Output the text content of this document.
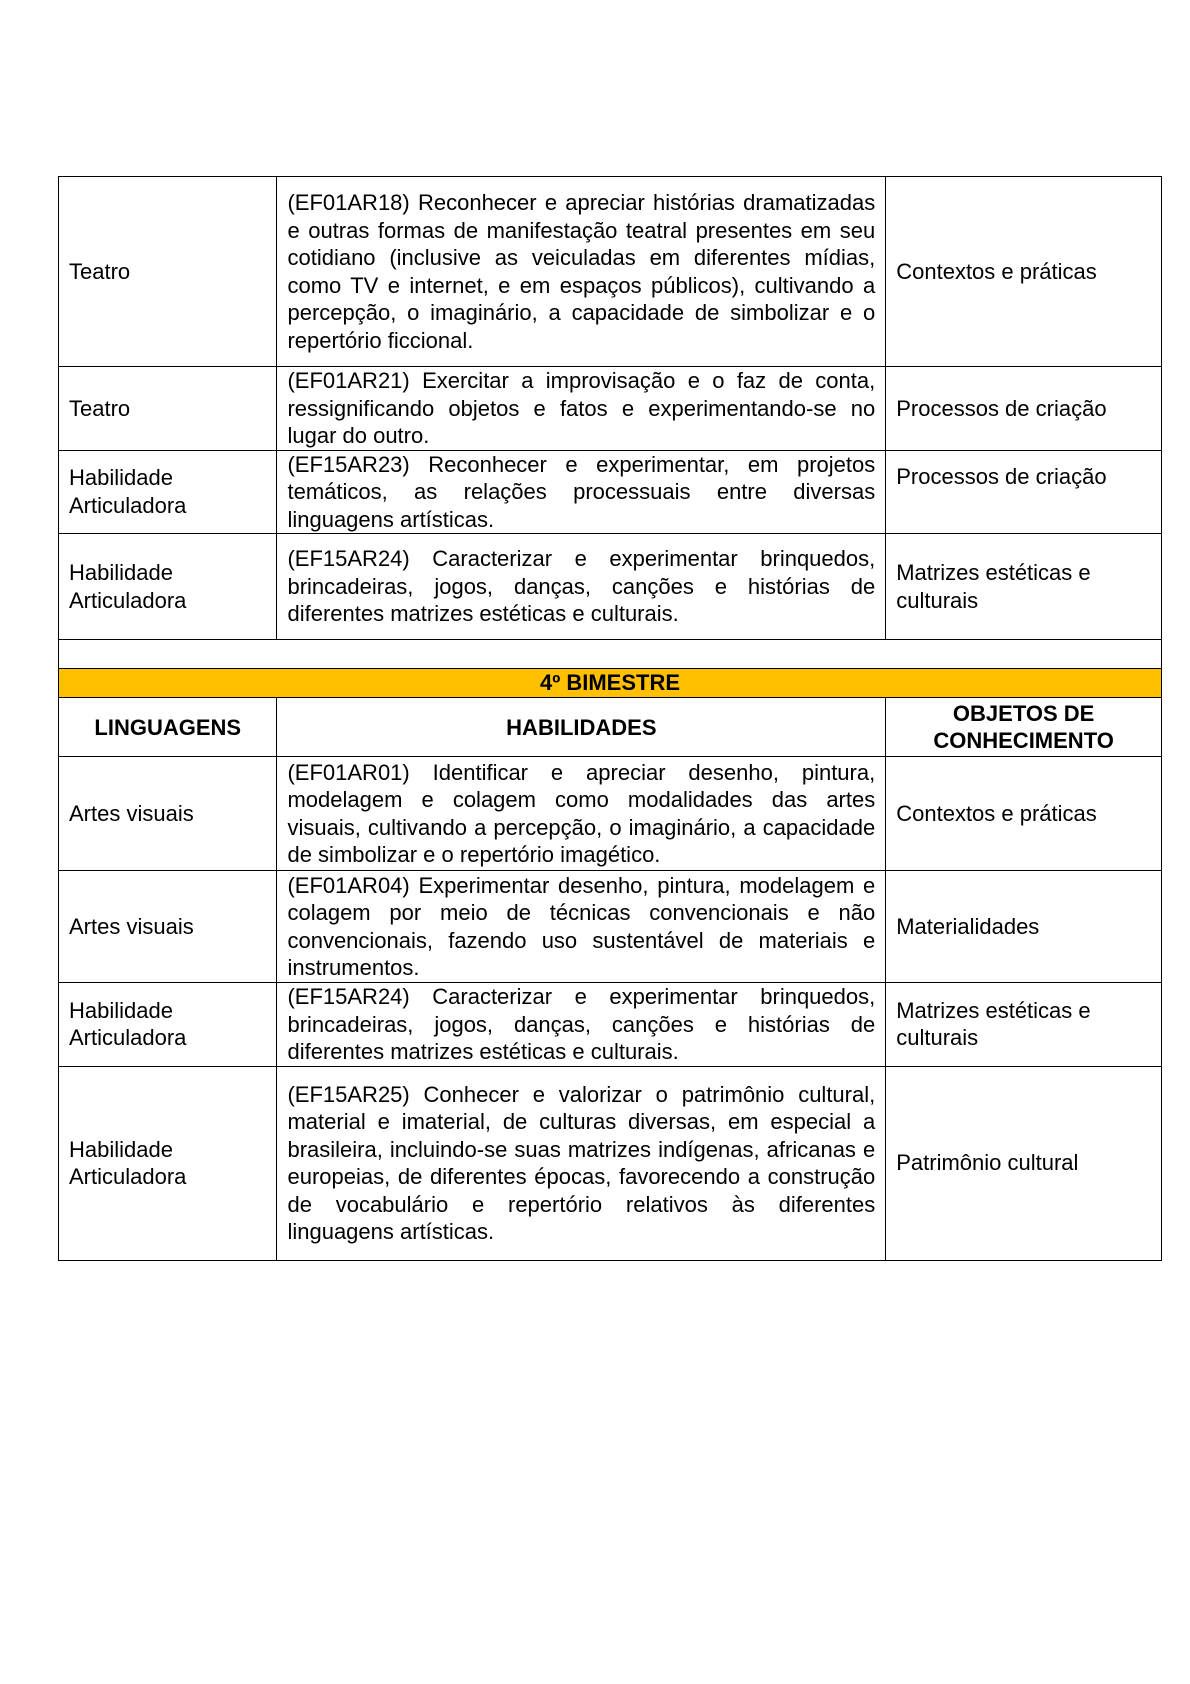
Teatro	(EF01AR18) Reconhecer e apreciar histórias dramatizadas e outras formas de manifestação teatral presentes em seu cotidiano (inclusive as veiculadas em diferentes mídias, como TV e internet, e em espaços públicos), cultivando a percepção, o imaginário, a capacidade de simbolizar e o repertório ficcional.	Contextos e práticas
Teatro	(EF01AR21) Exercitar a improvisação e o faz de conta, ressignificando objetos e fatos e experimentando-se no lugar do outro.	Processos de criação
Habilidade Articuladora	(EF15AR23) Reconhecer e experimentar, em projetos temáticos, as relações processuais entre diversas linguagens artísticas.	Processos de criação
Habilidade Articuladora	(EF15AR24) Caracterizar e experimentar brinquedos, brincadeiras, jogos, danças, canções e histórias de diferentes matrizes estéticas e culturais.	Matrizes estéticas e culturais

4º BIMESTRE		
LINGUAGENS	HABILIDADES	OBJETOS DE CONHECIMENTO
Artes visuais	(EF01AR01) Identificar e apreciar desenho, pintura, modelagem e colagem como modalidades das artes visuais, cultivando a percepção, o imaginário, a capacidade de simbolizar e o repertório imagético.	Contextos e práticas
Artes visuais	(EF01AR04) Experimentar desenho, pintura, modelagem e colagem por meio de técnicas convencionais e não convencionais, fazendo uso sustentável de materiais e instrumentos.	Materialidades
Habilidade Articuladora	(EF15AR24) Caracterizar e experimentar brinquedos, brincadeiras, jogos, danças, canções e histórias de diferentes matrizes estéticas e culturais.	Matrizes estéticas e culturais
Habilidade Articuladora	(EF15AR25) Conhecer e valorizar o patrimônio cultural, material e imaterial, de culturas diversas, em especial a brasileira, incluindo-se suas matrizes indígenas, africanas e europeias, de diferentes épocas, favorecendo a construção de vocabulário e repertório relativos às diferentes linguagens artísticas.	Patrimônio cultural
